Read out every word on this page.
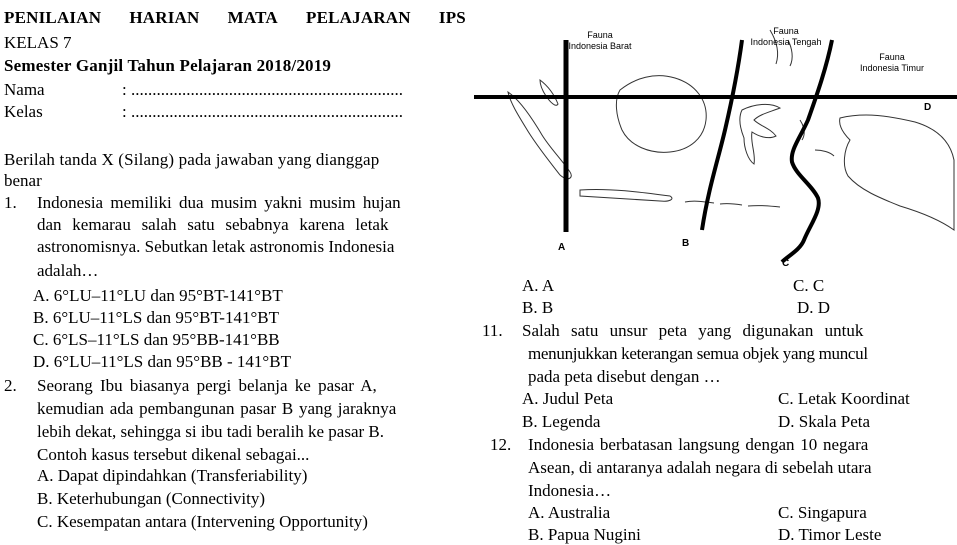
PENILAIAN HARIAN MATA PELAJARAN IPS
KELAS 7
Semester Ganjil Tahun Pelajaran 2018/2019
Nama	: ................................................................
Kelas	: ................................................................
Berilah tanda X (Silang) pada jawaban yang dianggap
benar
1. Indonesia memiliki dua musim yakni musim hujan
dan kemarau salah satu sebabnya karena letak
astronomisnya. Sebutkan letak astronomis Indonesia
adalah…
A. 6°LU–11°LU dan 95°BT-141°BT
B. 6°LU–11°LS dan 95°BT-141°BT
C. 6°LS–11°LS dan 95°BB-141°BB
D. 6°LU–11°LS dan 95°BB - 141°BT
2. Seorang Ibu biasanya pergi belanja ke pasar A,
kemudian ada pembangunan pasar B yang jaraknya
lebih dekat, sehingga si ibu tadi beralih ke pasar B.
Contoh kasus tersebut dikenal sebagai...
A. Dapat dipindahkan (Transferiability)
B. Keterhubungan (Connectivity)
C. Kesempatan antara (Intervening Opportunity)
Fauna
Indonesia Barat
Fauna
Indonesia Tengah
Fauna
Indonesia Timur
A	B
C
D
A. A	C. C
B. B	D. D
11. Salah satu unsur peta yang digunakan untuk
menunjukkan keterangan semua objek yang muncul
pada peta disebut dengan …
A. Judul Peta	C. Letak Koordinat
B. Legenda	D. Skala Peta
12. Indonesia berbatasan langsung dengan 10 negara
Asean, di antaranya adalah negara di sebelah utara
Indonesia…
A. Australia	C. Singapura
B. Papua Nugini	D. Timor Leste
